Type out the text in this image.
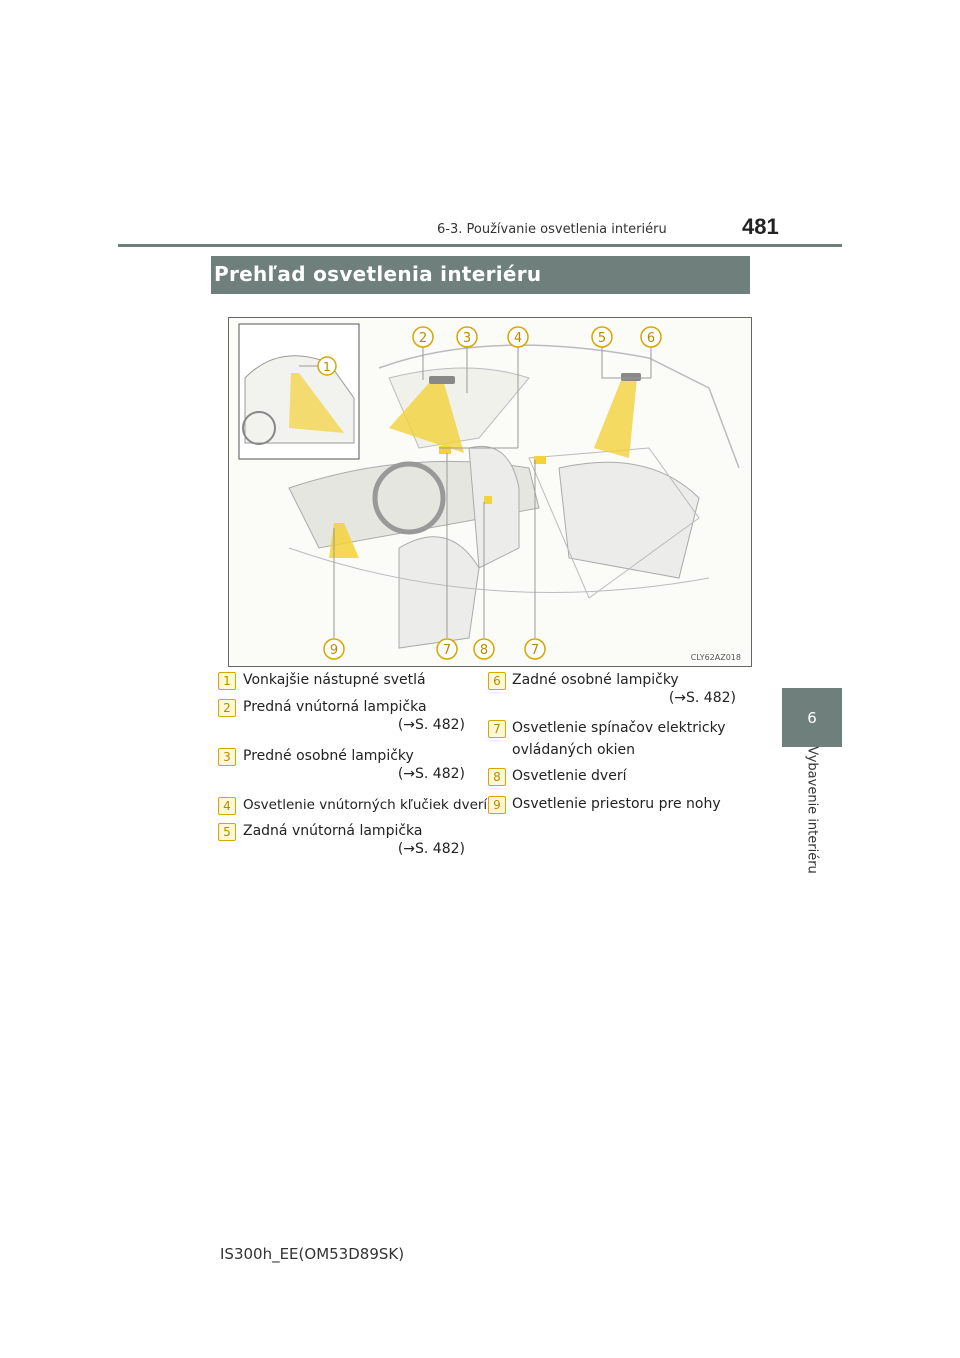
6-3. Používanie osvetlenia interiéru	481
6
Vybavenie interiéru
Prehľad osvetlenia interiéru
1
2	3	4	5	6
7 8	7
9	CLY62AZ018
1 Vonkajšie nástupné svetlá
2 Predná vnútorná lampička
(→S. 482)
3 Predné osobné lampičky
(→S. 482)
4 Osvetlenie vnútorných kľučiek dverí
5 Zadná vnútorná lampička
(→S. 482)
6 Zadné osobné lampičky
(→S. 482)
7 Osvetlenie spínačov elektricky
ovládaných okien
8 Osvetlenie dverí
9 Osvetlenie priestoru pre nohy
IS300h_EE(OM53D89SK)
